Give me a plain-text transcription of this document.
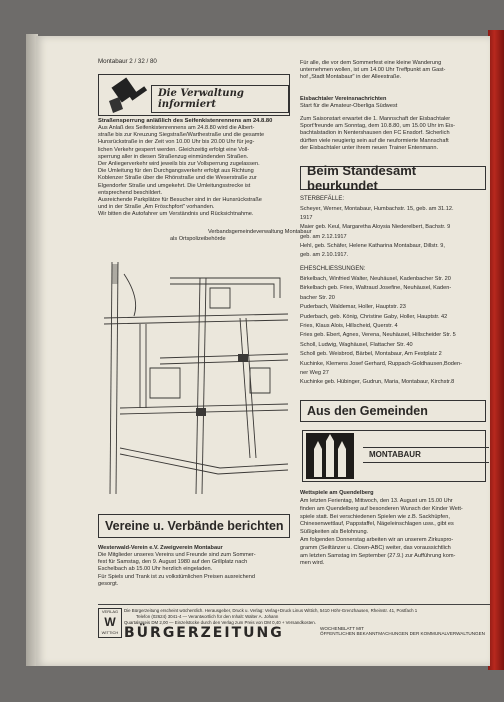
Montabaur 2 / 32 / 80
Die Verwaltung informiert
Straßensperrung anläßlich des Seifenkistenrennens am 24.8.80
Aus Anlaß des Seifenkistenrennens am 24.8.80 wird die Albert-
straße bis zur Kreuzung Siegstraße/Warthestraße und die gesamte
Hunsrückstraße in der Zeit von 10.00 Uhr bis 20.00 Uhr für jeg-
lichen Verkehr gesperrt werden. Gleichzeitig erfolgt eine Voll-
sperrung aller in diesen Straßenzug einmündenden Straßen.
Der Anliegerverkehr wird jeweils bis zur Vollsperrung zugelassen.
Die Umleitung für den Durchgangsverkehr erfolgt aus Richtung
Koblenzer Straße über die Rhönstraße und die Weserstraße zur
Elgendorfer Straße und umgekehrt. Die Umleitungsstrecke ist
entsprechend beschildert.
Ausreichende Parkplätze für Besucher sind in der Hunsrückstraße
und in der Straße „Am Fröschpfort" vorhanden.
Wir bitten die Autofahrer um Verständnis und Rücksichtnahme.
Verbandsgemeindeverwaltung Montabaur
als Ortspolizeibehörde
Vereine u. Verbände berichten
Westerwald-Verein e.V. Zweigverein Montabaur
Die Mitglieder unseres Vereins und Freunde sind zum Sommer-
fest für Samstag, den 9. August 1980 auf den Grillplatz nach
Eschelbach ab 15.00 Uhr herzlich eingeladen.
Für Spiels und Trank ist zu volkstümlichen Preisen ausreichend
gesorgt.
Für alle, die vor dem Sommerfest eine kleine Wanderung
unternehmen wollen, ist um 14.00 Uhr Treffpunkt am Gast-
hof „Stadt Montabaur" in der Alleestraße.
Eisbachtaler Vereinsnachrichten
Start für die Amateur-Oberliga Südwest
Zum Saisonstart erwartet die 1. Mannschaft der Eisbachtaler
Sport'freunde am Sonntag, dem 10.8.80, um 15.00 Uhr im Eis-
bachtalstadion in Nentershausen den FC Ensdorf. Sicherlich
dürften viele neugierig sein auf die neuformierte Mannschaft
der Eisbachtaler unter ihrem neuen Trainer Entenmann.
Beim Standesamt beurkundet
STERBEFÄLLE:
Scheyer, Werner, Montabaur, Humbachstr. 15, geb. am 31.12.
1917
Maier geb. Keul, Margaretha Aloysia Niederelbert, Bachstr. 9
geb. am 2.12.1917
Hehl, geb. Schäfer, Helene Katharina Montabaur, Dillstr. 9,
geb. am 2.10.1917.
EHESCHLIESSUNGEN:
Birkelbach, Winfried Walter, Neuhäusel, Kadenbacher Str. 20
Birkelbach geb. Fries, Waltraud Josefine, Neuhäusel, Kaden-
bacher Str. 20
Puderbach, Waldemar, Holler, Hauptstr. 23
Puderbach, geb. König, Christine Gaby, Holler, Hauptstr. 42
Fries, Klaus Alois, Hillscheid, Querstr. 4
Fries geb. Ebert, Agnes, Verena, Neuhäusel, Hillscheider Str. 5
Scholl, Ludwig, Waghäusel, Flattacher Str. 40
Scholl geb. Weisbrod, Bärbel, Montabaur, Am Festplatz 2
Kuchinke, Klemens Josef Gerhard, Ruppach-Goldhausen,Boden-
ner Weg 27
Kuchinke geb. Hübinger, Gudrun, Maria, Montabaur, Kirchstr.8
Aus den Gemeinden
MONTABAUR
Wettspiele am Quendelberg
Am letzten Ferientag, Mittwoch, den 13. August um 15.00 Uhr
finden am Quendelberg auf besonderen Wunsch der Kinder Wett-
spiele statt. Bei verschiedenen Spielen wie z.B. Sackhüpfen,
Chinesenwettlauf, Pappstaffel, Nägeleinschlagen usw., gibt es
Süßigkeiten als Belohnung.
Am folgenden Donnerstag arbeiten wir an unserem Zirkuspro-
gramm (Seiltänzer u. Clown-ABC) weiter, das voraussichtlich
am letzten Samstag im September (27.9.) zur Aufführung kom-
men wird.
VERLAG
W
WITTICH
Die Bürgerzeitung erscheint wöchentlich. Herausgeber, Druck u. Verlag: Verlag+Druck Linus Wittich, 5410 Höhr-Grenzhausen, Rheinstr. 41, Postfach 1
Telefon (02624) 3041-4 — Verantwortlich für den Inhalt: Walter A. Johann
Quartalspreis DM 2,00 — Einzelstücke durch den Verlag zum Preis von DM 0,40 + Versandkosten.
BÜRGERZEITUNG	WOCHENBLATT MIT
ÖFFENTLICHEN BEKANNTMACHUNGEN DER KOMMUNALVERWALTUNGEN
